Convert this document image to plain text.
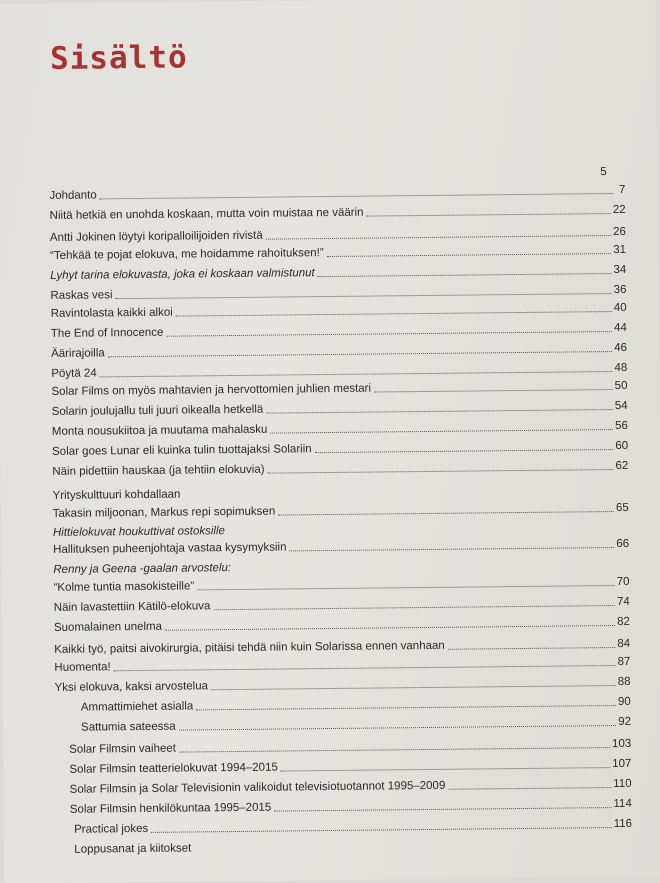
Sisältö
5
Johdanto	7
Niitä hetkiä en unohda koskaan, mutta voin muistaa ne väärin	22
Antti Jokinen löytyi koripalloilijoiden rivistä	26
“Tehkää te pojat elokuva, me hoidamme rahoituksen!”	31
Lyhyt tarina elokuvasta, joka ei koskaan valmistunut	34
Raskas vesi	36
Ravintolasta kaikki alkoi	40
The End of Innocence	44
Äärirajoilla	46
Pöytä 24	48
Solar Films on myös mahtavien ja hervottomien juhlien mestari	50
Solarin joulujallu tuli juuri oikealla hetkellä	54
Monta nousukiitoa ja muutama mahalasku	56
Solar goes Lunar eli kuinka tulin tuottajaksi Solariin	60
Näin pidettiin hauskaa (ja tehtiin elokuvia)	62
Yrityskulttuuri kohdallaan
Takasin miljoonan, Markus repi sopimuksen	65
Hittielokuvat houkuttivat ostoksille
Hallituksen puheenjohtaja vastaa kysymyksiin	66
Renny ja Geena -gaalan arvostelu:
“Kolme tuntia masokisteille”	70
Näin lavastettiin Kätilö-elokuva	74
Suomalainen unelma	82
Kaikki työ, paitsi aivokirurgia, pitäisi tehdä niin kuin Solarissa ennen vanhaan	84
Huomenta!	87
Yksi elokuva, kaksi arvostelua	88
Ammattimiehet asialla	90
Sattumia sateessa	92
Solar Filmsin vaiheet	103
Solar Filmsin teatterielokuvat 1994–2015	107
Solar Filmsin ja Solar Televisionin valikoidut televisiotuotannot 1995–2009	110
Solar Filmsin henkilökuntaa 1995–2015	114
Practical jokes	116
Loppusanat ja kiitokset
